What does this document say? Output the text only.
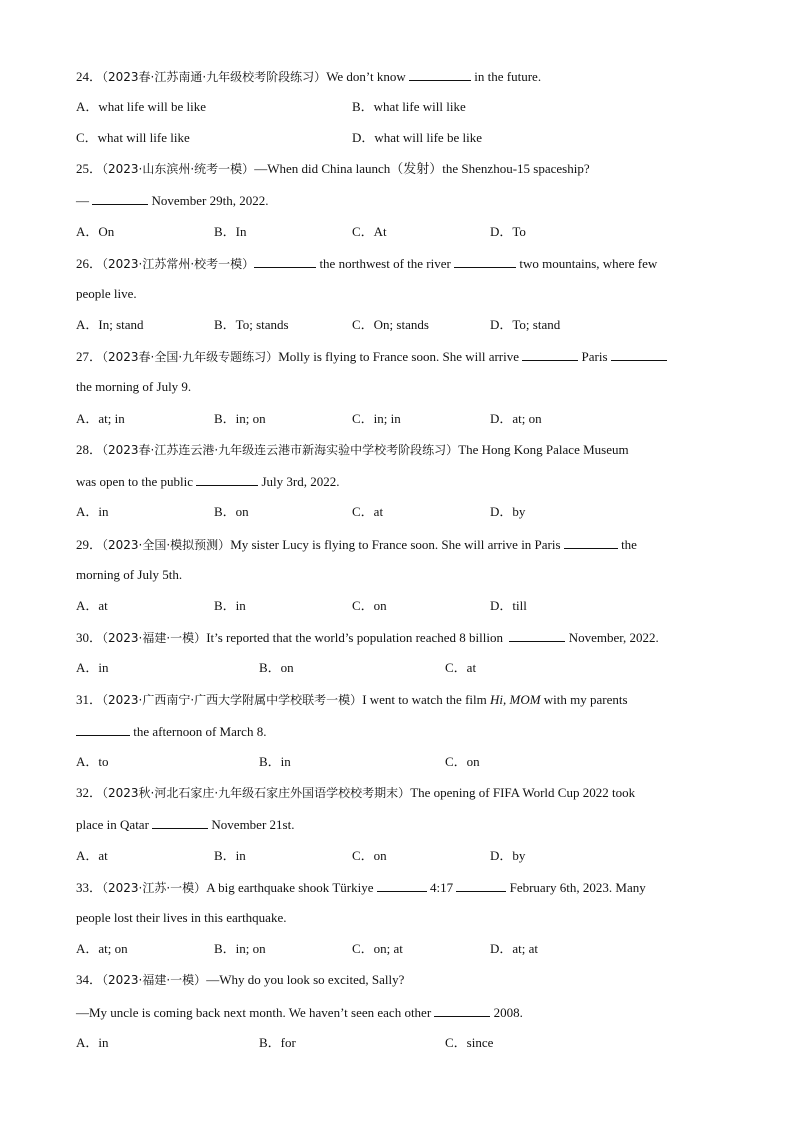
24．（2023春·江苏南通·九年级校考阶段练习）We don’t know	in the future.
A．what life will be like	B．what life will like
C．what will life like	D．what will life be like
25．（2023·山东滨州·统考一模）—When did China launch（发射）the Shenzhou-15 spaceship?
—	November 29th, 2022.
A．On	B．In	C．At	D．To
26．（2023·江苏常州·校考一模）	the northwest of the river	two mountains, where few
people live.
A．In; stand	B．To; stands	C．On; stands	D．To; stand
27．（2023春·全国·九年级专题练习）Molly is flying to France soon. She will arrive	Paris
the morning of July 9.
A．at; in	B．in; on	C．in; in	D．at; on
28．（2023春·江苏连云港·九年级连云港市新海实验中学校考阶段练习）The Hong Kong Palace Museum
was open to the public	July 3rd, 2022.
A．in	B．on	C．at	D．by
29．（2023·全国·模拟预测）My sister Lucy is flying to France soon. She will arrive in Paris	the
morning of July 5th.
A．at	B．in	C．on	D．till
30．（2023·福建·一模）It’s reported that the world’s population reached 8 billion	November, 2022.
A．in	B．on	C．at
31．（2023·广西南宁·广西大学附属中学校联考一模）I went to watch the film Hi, MOM with my parents
the afternoon of March 8.
A．to	B．in	C．on
32．（2023秋·河北石家庄·九年级石家庄外国语学校校考期末）The opening of FIFA World Cup 2022 took
place in Qatar	November 21st.
A．at	B．in	C．on	D．by
33．（2023·江苏·一模）A big earthquake shook Türkiye	4:17	February 6th, 2023. Many
people lost their lives in this earthquake.
A．at; on	B．in; on	C．on; at	D．at; at
34．（2023·福建·一模）—Why do you look so excited, Sally?
—My uncle is coming back next month. We haven’t seen each other	2008.
A．in	B．for	C．since
